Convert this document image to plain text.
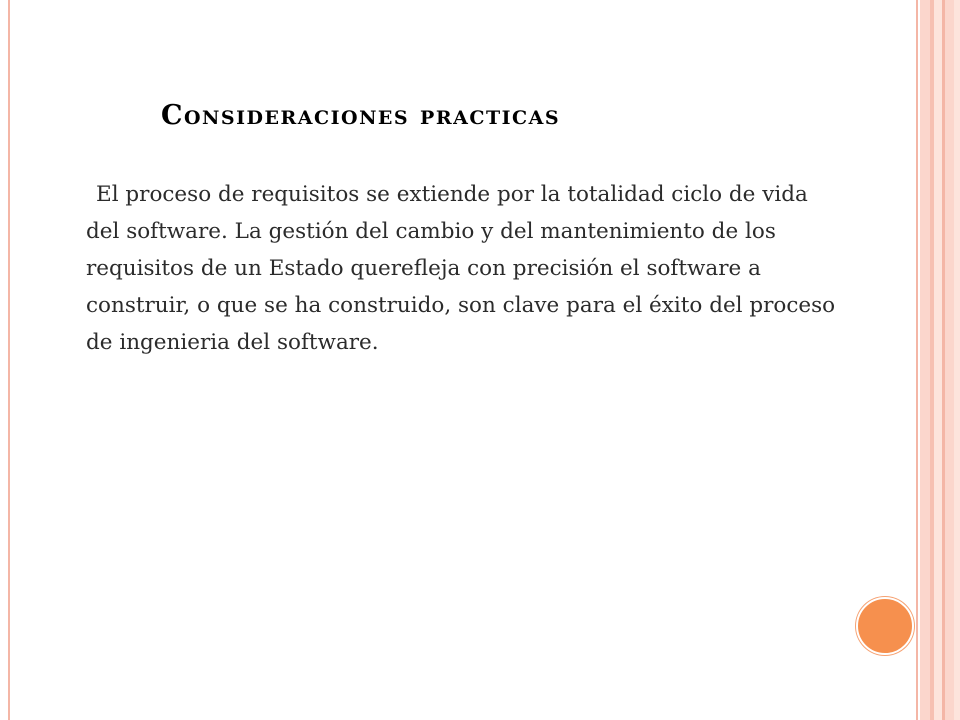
Consideraciones practicas

El proceso de requisitos se extiende por la totalidad ciclo de vida del software. La gestión del cambio y del mantenimiento de los requisitos de un Estado querefleja con precisión el software a construir, o que se ha construido, son clave para el éxito del proceso de ingenieria del software.
